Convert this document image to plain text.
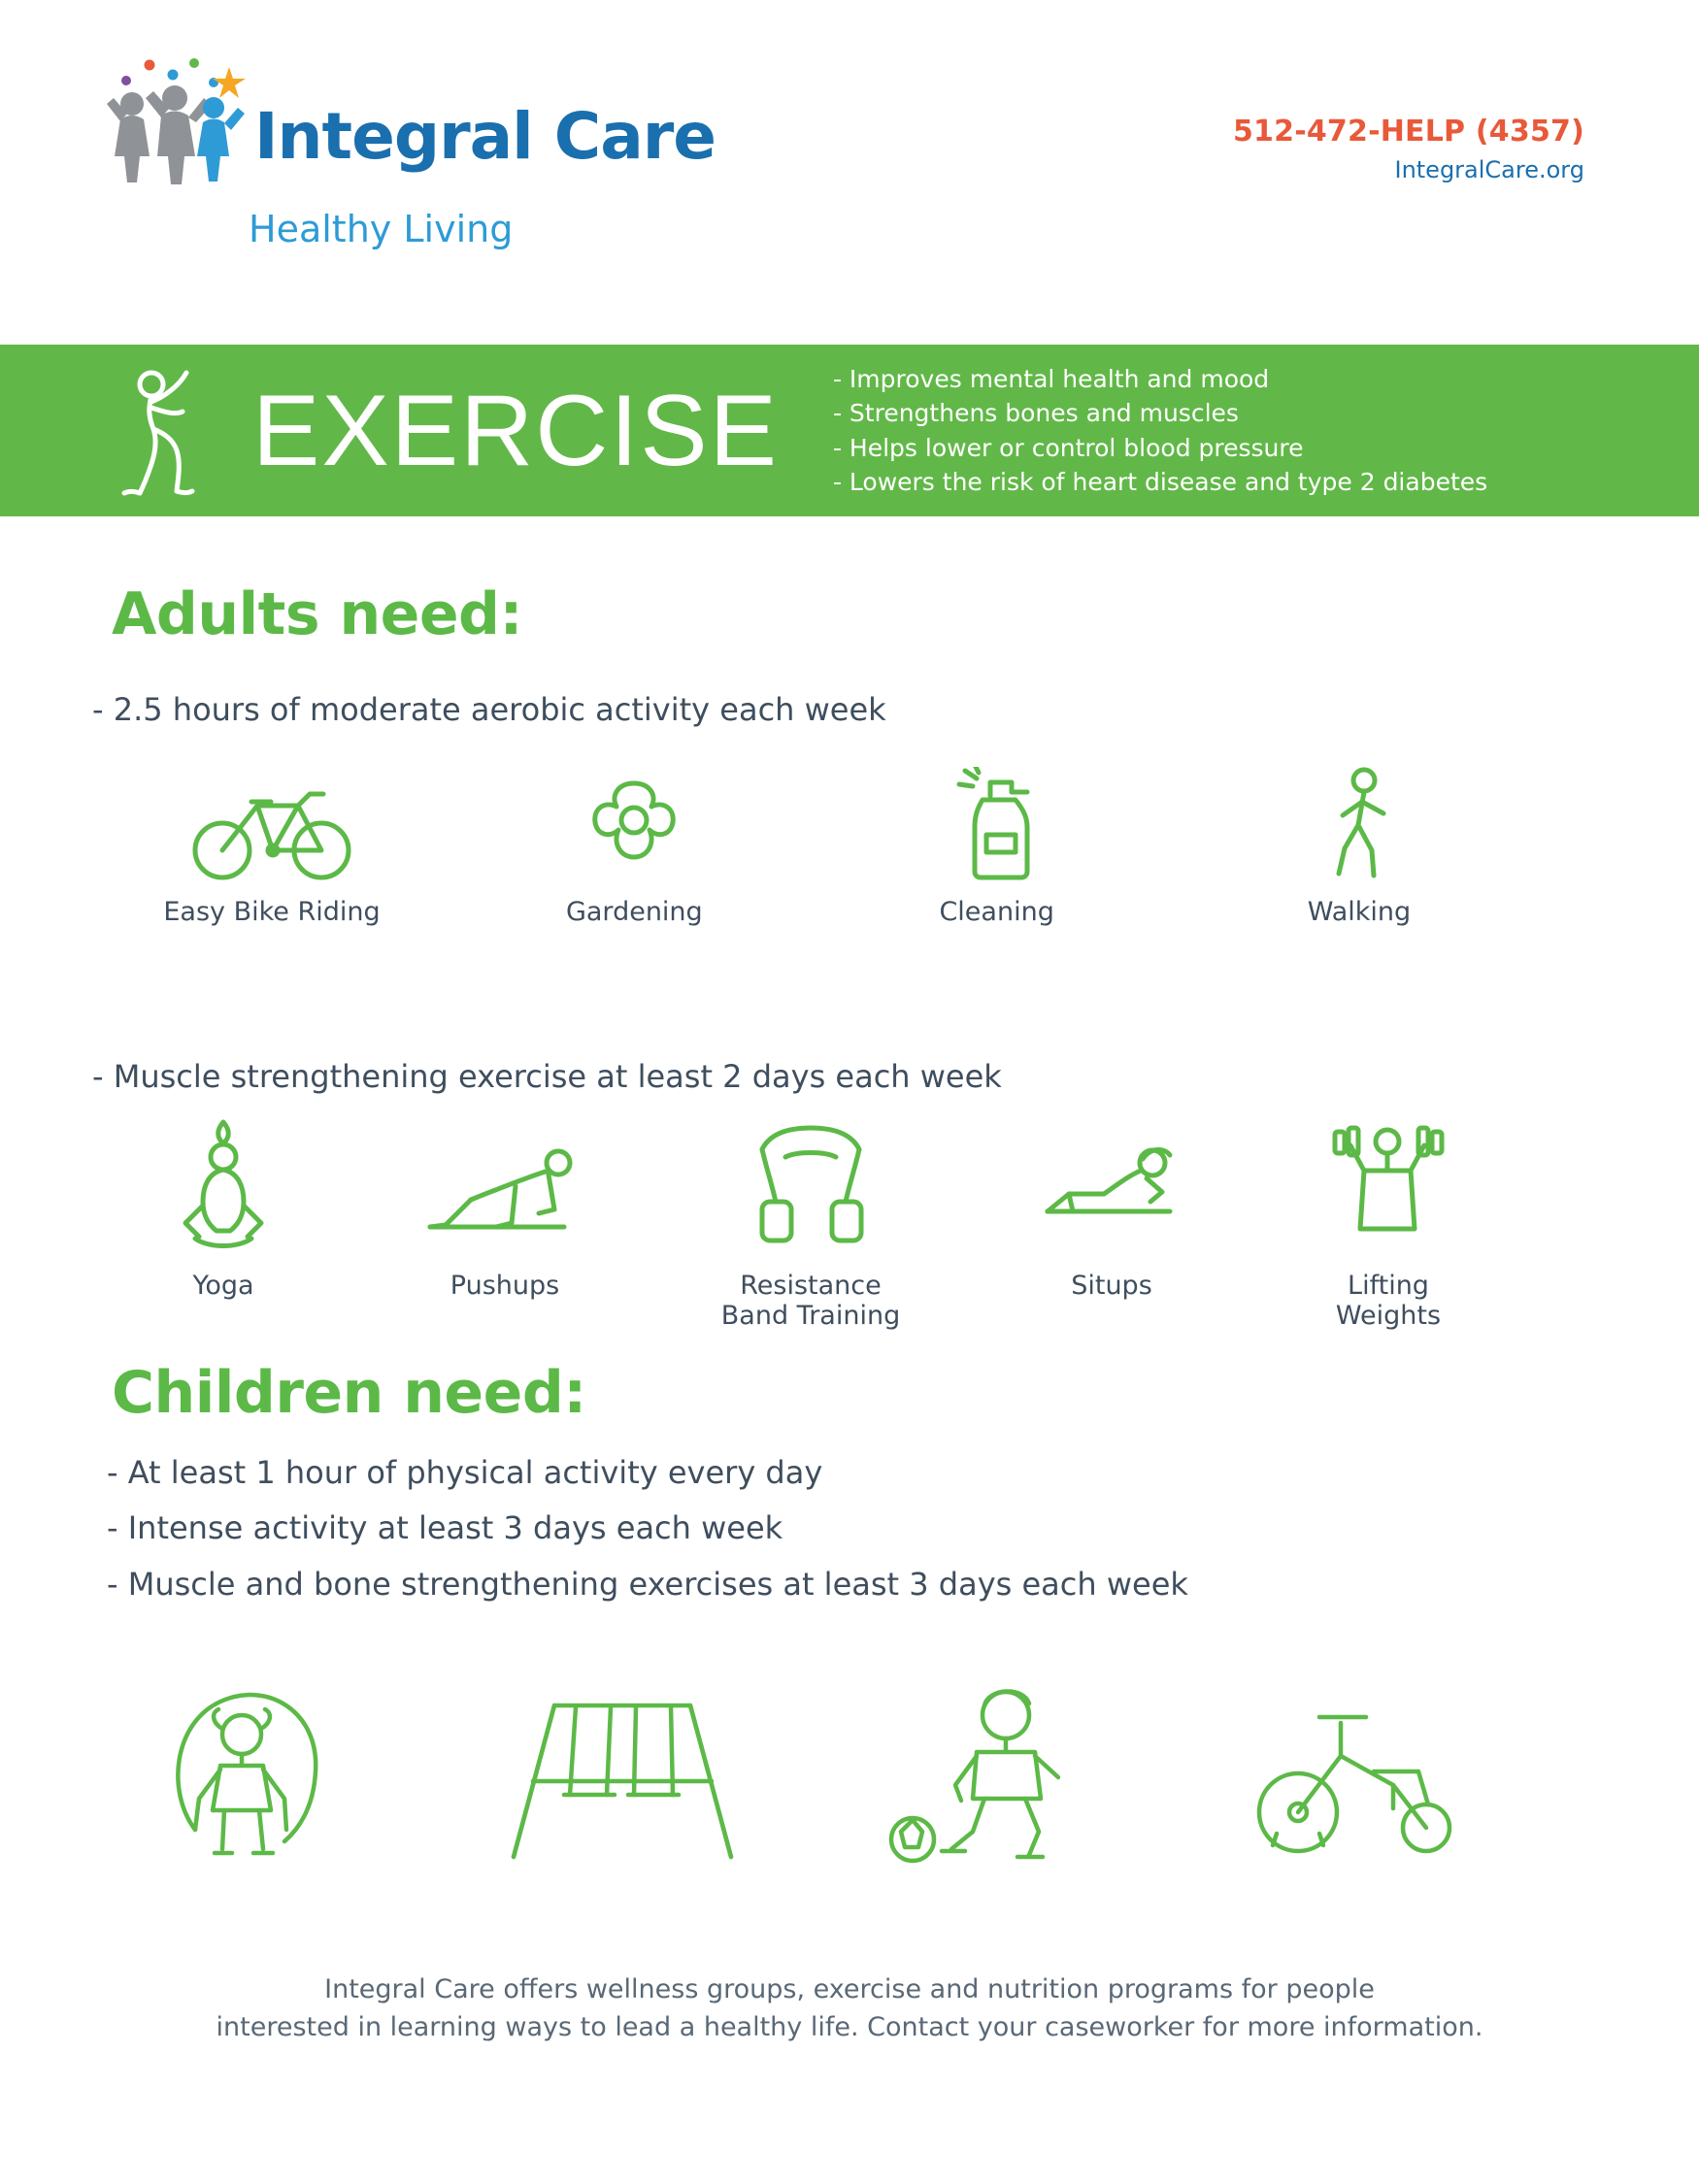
Integral Care
Healthy Living
512-472-HELP (4357)
IntegralCare.org
EXERCISE - Improves mental health and mood
- Strengthens bones and muscles
- Helps lower or control blood pressure
- Lowers the risk of heart disease and type 2 diabetes
Adults need:
- 2.5 hours of moderate aerobic activity each week
Easy Bike Riding	Gardening	Cleaning	Walking
- Muscle strengthening exercise at least 2 days each week
Yoga	Pushups	Resistance
Band Training
Situps	Lifting
Weights
Children need:
- At least 1 hour of physical activity every day
- Intense activity at least 3 days each week
- Muscle and bone strengthening exercises at least 3 days each week
Integral Care offers wellness groups, exercise and nutrition programs for people
interested in learning ways to lead a healthy life. Contact your caseworker for more information.
